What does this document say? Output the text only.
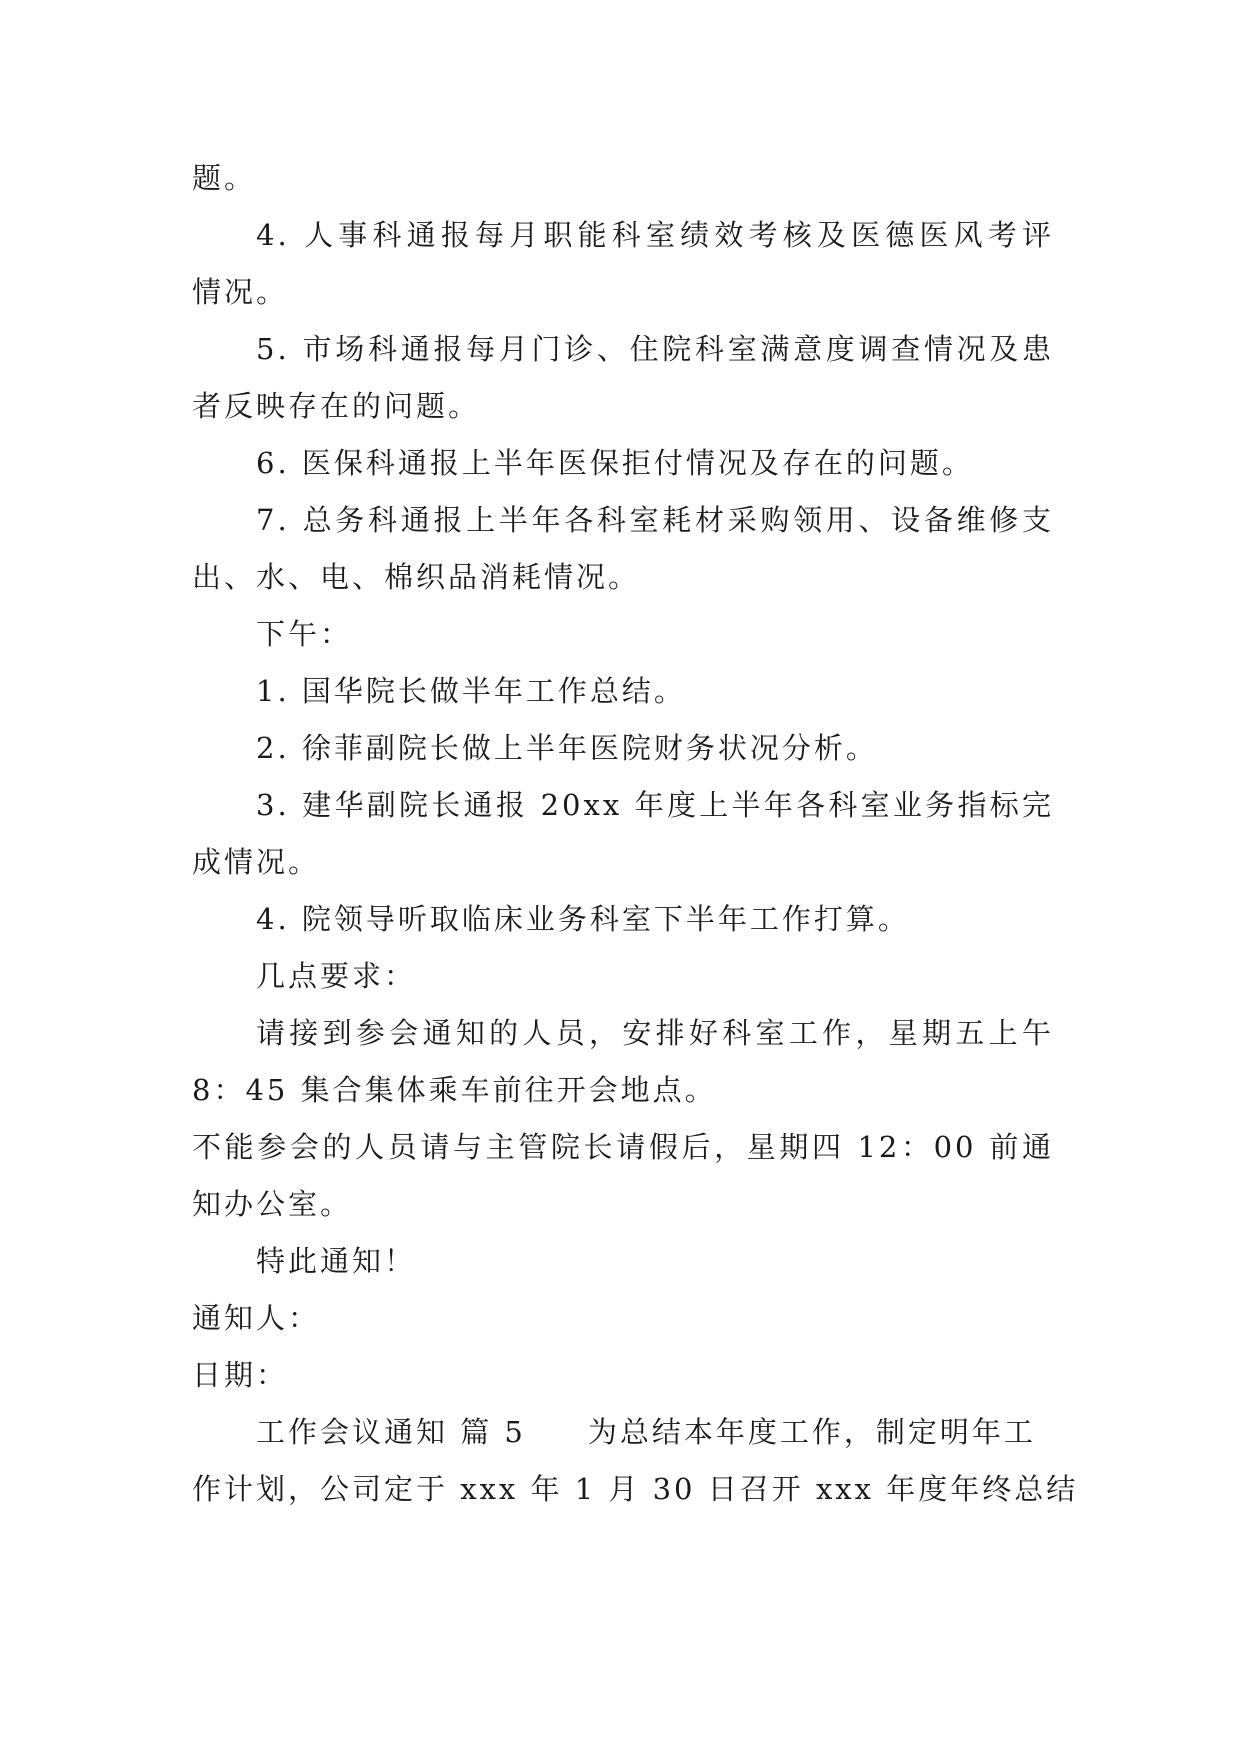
题。
4. 人事科通报每月职能科室绩效考核及医德医风考评
情况。
5. 市场科通报每月门诊、住院科室满意度调查情况及患
者反映存在的问题。
6. 医保科通报上半年医保拒付情况及存在的问题。
7. 总务科通报上半年各科室耗材采购领用、设备维修支
出、水、电、棉织品消耗情况。
下午：
1. 国华院长做半年工作总结。
2. 徐菲副院长做上半年医院财务状况分析。
3. 建华副院长通报 20xx 年度上半年各科室业务指标完
成情况。
4. 院领导听取临床业务科室下半年工作打算。
几点要求：
请接到参会通知的人员，安排好科室工作，星期五上午
8：45 集合集体乘车前往开会地点。
不能参会的人员请与主管院长请假后，星期四 12：00 前通
知办公室。
特此通知！
通知人：
日期：
工作会议通知 篇 5 为总结本年度工作，制定明年工
作计划，公司定于 xxx 年 1 月 30 日召开 xxx 年度年终总结
